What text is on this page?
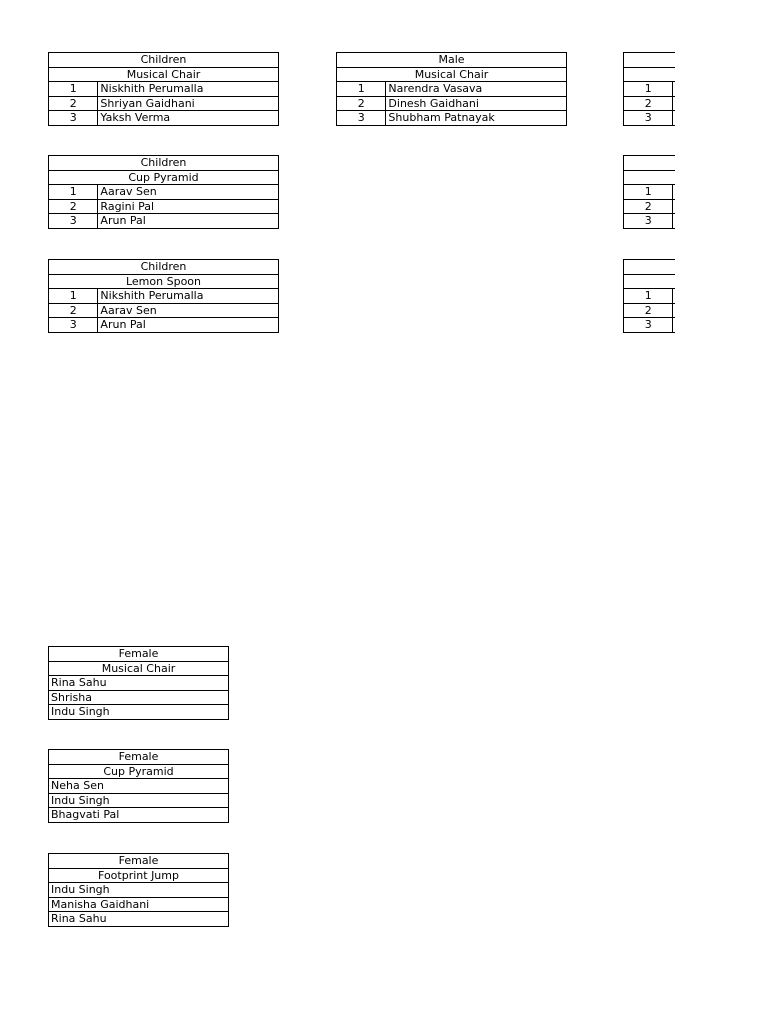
Children	
Musical Chair	
1	Niskhith Perumalla
2	Shriyan Gaidhani
3	Yaksh Verma
Male	
Musical Chair	
1	Narendra Vasava
2	Dinesh Gaidhani
3	Shubham Patnayak

1	
2	
3	
Children	
Cup Pyramid	
1	Aarav Sen
2	Ragini Pal
3	Arun Pal

1	
2	
3	
Children	
Lemon Spoon	
1	Nikshith Perumalla
2	Aarav Sen
3	Arun Pal

1	
2	
3	
Female
Musical Chair
Rina Sahu
Shrisha
Indu Singh
Female
Cup Pyramid
Neha Sen
Indu Singh
Bhagvati Pal
Female
Footprint Jump
Indu Singh
Manisha Gaidhani
Rina Sahu
